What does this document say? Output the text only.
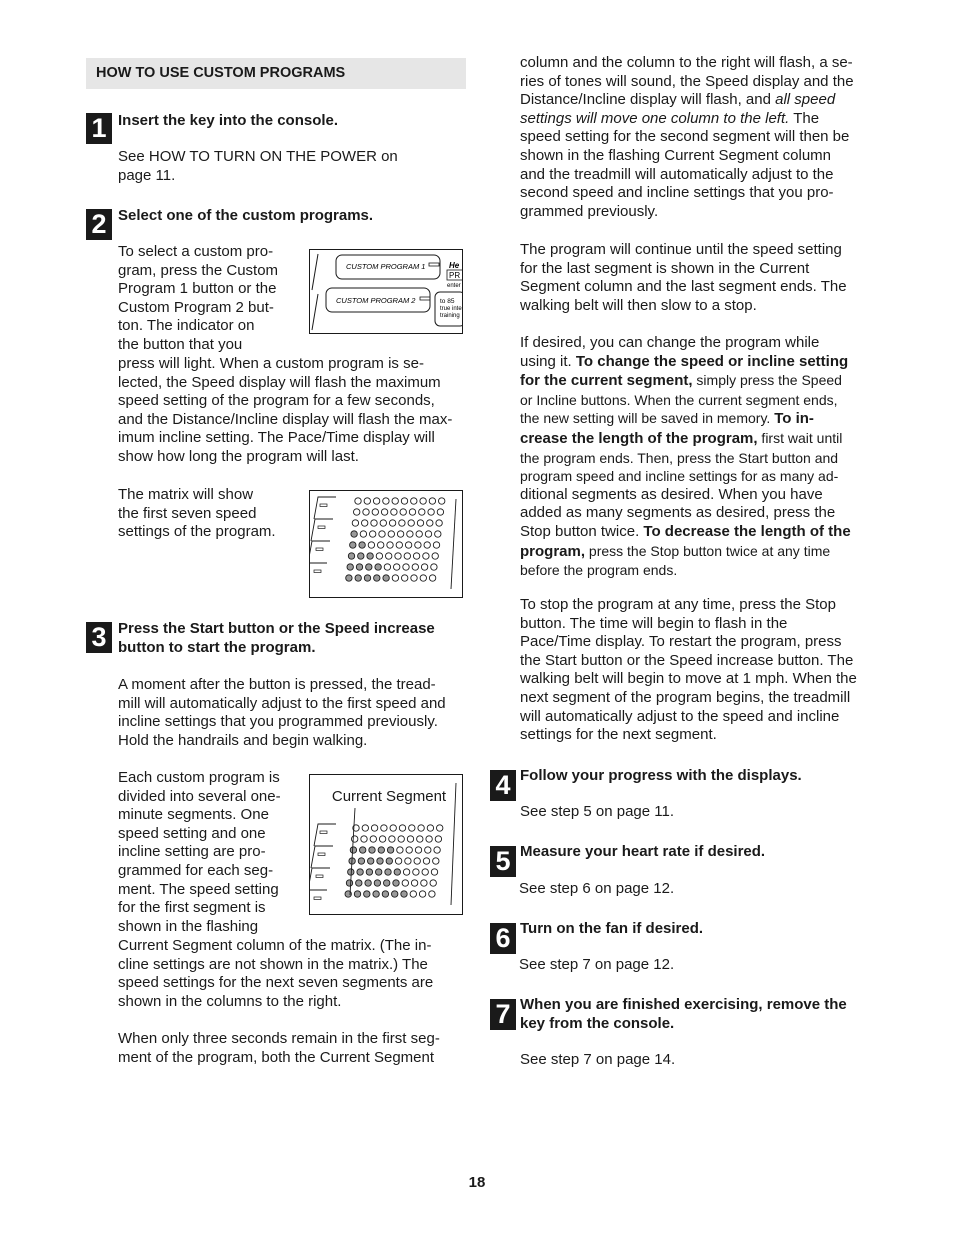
HOW TO USE CUSTOM PROGRAMS
1 Insert the key into the console.

See HOW TO TURN ON THE POWER on

page 11.

2 Select one of the custom programs.

To select a custom pro-

gram, press the Custom

Program 1 button or the

Custom Program 2 but-

ton. The indicator on

the button that you

press will light. When a custom program is se-

lected, the Speed display will flash the maximum

speed setting of the program for a few seconds,

and the Distance/Incline display will flash the max-

imum incline setting. The Pace/Time display will

show how long the program will last.

CUSTOM PROGRAM 1
CUSTOM PROGRAM 2
He
PR
enter
to 85
true inte
training

The matrix will show

the first seven speed

settings of the program.

3 Press the Start button or the Speed increase

button to start the program.

A moment after the button is pressed, the tread-

mill will automatically adjust to the first speed and

incline settings that you programmed previously.

Hold the handrails and begin walking.

Each custom program is

divided into several one-

minute segments. One

speed setting and one

incline setting are pro-

grammed for each seg-

ment. The speed setting

for the first segment is

shown in the flashing

Current Segment

Current Segment column of the matrix. (The in-

cline settings are not shown in the matrix.) The

speed settings for the next seven segments are

shown in the columns to the right.

When only three seconds remain in the first seg-

ment of the program, both the Current Segment

column and the column to the right will flash, a se-

ries of tones will sound, the Speed display and the

Distance/Incline display will flash, and all speed

settings will move one column to the left. The

speed setting for the second segment will then be

shown in the flashing Current Segment column

and the treadmill will automatically adjust to the

second speed and incline settings that you pro-

grammed previously.

The program will continue until the speed setting

for the last segment is shown in the Current

Segment column and the last segment ends. The

walking belt will then slow to a stop.

If desired, you can change the program while

using it. To change the speed or incline setting

for the current segment, simply press the Speed

or Incline buttons. When the current segment ends,

the new setting will be saved in memory. To in-

crease the length of the program, first wait until

the program ends. Then, press the Start button and

program speed and incline settings for as many ad-

ditional segments as desired. When you have

added as many segments as desired, press the

Stop button twice. To decrease the length of the

program, press the Stop button twice at any time

before the program ends.

To stop the program at any time, press the Stop

button. The time will begin to flash in the

Pace/Time display. To restart the program, press

the Start button or the Speed increase button. The

walking belt will begin to move at 1 mph. When the

next segment of the program begins, the treadmill

will automatically adjust to the speed and incline

settings for the next segment.

4 Follow your progress with the displays.
See step 5 on page 11.
5 Measure your heart rate if desired.
See step 6 on page 12.
6 Turn on the fan if desired.
See step 7 on page 12.
7 When you are finished exercising, remove the

key from the console.

See step 7 on page 14.
18
